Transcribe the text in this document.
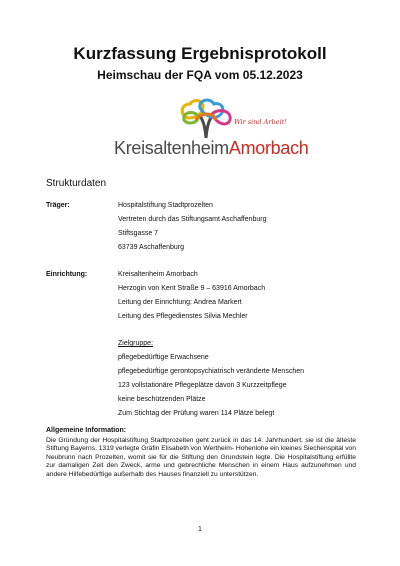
Kurzfassung Ergebnisprotokoll
Heimschau der FQA vom 05.12.2023
Wir sind Arbeit!
KreisaltenheimAmorbach
Strukturdaten
Träger:	Hospitalstiftung Stadtprozelten
Vertreten durch das Stiftungsamt Aschaffenburg
Stiftsgasse 7
63739 Aschaffenburg
Einrichtung:	Kreisaltenheim Amorbach
Herzogin von Kent Straße 9 – 63916 Amorbach
Leitung der Einrichtung: Andrea Markert
Leitung des Pflegedienstes Silvia Mechler
Zielgruppe:
pflegebedürftige Erwachsene
pflegebedürftige gerontopsychiatrisch veränderte Menschen
123 vollstationäre Pflegeplätze davon 3 Kurzzeitpflege
keine beschützenden Plätze
Zum Stichtag der Prüfung waren 114 Plätze belegt
Allgemeine Information:

Die Gründung der Hospitalstiftung Stadtprozelten geht zurück in das 14. Jahrhundert, sie ist die älteste Stiftung Bayerns. 1319 verlegte Gräfin Elisabeth von Wertheim- Hohenlohe ein kleines Siechenspital von Neubrunn nach Prozelten, womit sie für die Stiftung den Grundstein legte. Die Hospitalstiftung erfüllte zur damaligen Zeit den Zweck, arme und gebrechliche Menschen in einem Haus aufzunehmen und andere Hilfebedürftige außerhalb des Hauses finanziell zu unterstützen.

1
